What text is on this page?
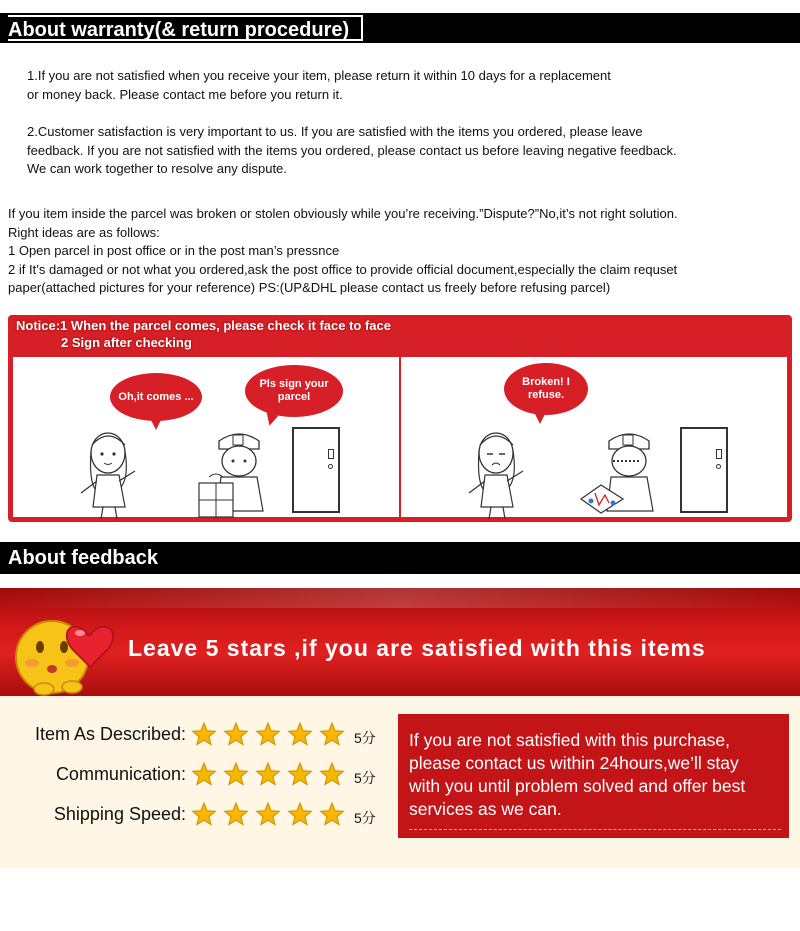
About warranty(& return procedure)
1.If you are not satisfied when you receive your item, please return it within 10 days for a replacement
or money back. Please contact me before you return it.
2.Customer satisfaction is very important to us. If you are satisfied with the items you ordered, please leave
feedback. If you are not satisfied with the items you ordered, please contact us before leaving negative feedback.
We can work together to resolve any dispute.
If you item inside the parcel was broken or stolen obviously while you’re receiving.”Dispute?”No,it’s not right solution.
Right ideas are as follows:
1 Open parcel in post office or in the post man’s pressnce
2 if It’s damaged or not what you ordered,ask the post office to provide official document,especially the claim requset
paper(attached pictures for your reference) PS:(UP&DHL please contact us freely before refusing parcel)
Notice:1 When the parcel comes, please check it face to face
2 Sign after checking
Oh,it comes ...
Pls sign your parcel
Broken! I refuse.
About feedback
Leave 5 stars ,if you are satisfied with this items
Item As Described:	5分
Communication:	5分
Shipping Speed:	5分
If you are not satisfied with this purchase,
please contact us within 24hours,we’ll stay
with you until problem solved and offer best
services as we can.
